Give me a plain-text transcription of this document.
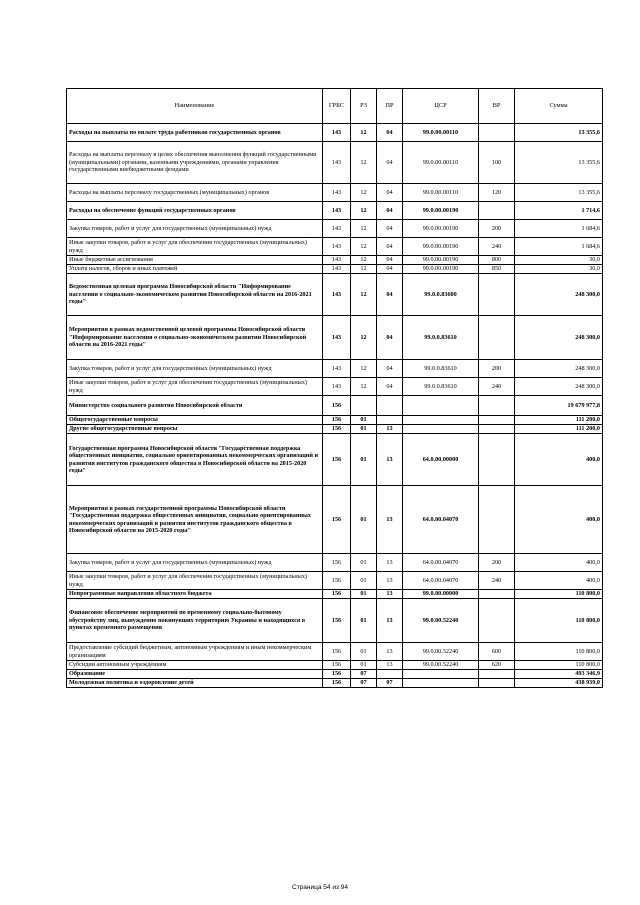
Наименование	ГРБС	РЗ	ПР	ЦСР	ВР	Сумма
Расходы на выплаты по оплате труда работников государственных органов	143	12	04	99.0.00.00110		13 355,6
Расходы на выплаты персоналу в целях обеспечения выполнения функций государственными (муниципальными) органами, казенными учреждениями, органами управления государственными внебюджетными фондами	143	12	04	99.0.00.00110	100	13 355,6
Расходы на выплаты персоналу государственных (муниципальных) органов	143	12	04	99.0.00.00110	120	13 355,6
Расходы на обеспечение функций государственных органов	143	12	04	99.0.00.00190		1 714,6
Закупка товаров, работ и услуг для государственных (муниципальных) нужд	143	12	04	99.0.00.00190	200	1 684,6
Иные закупки товаров, работ и услуг для обеспечения государственных (муниципальных) нужд	143	12	04	99.0.00.00190	240	1 684,6
Иные бюджетные ассигнования	143	12	04	99.0.00.00190	800	30,0
Уплата налогов, сборов и иных платежей	143	12	04	99.0.00.00190	850	30,0
Ведомственная целевая программа Новосибирской области "Информирование населения о социально-экономическом развитии Новосибирской области на 2016-2021 годы"	143	12	04	99.0.0.83600		248 300,0
Мероприятия в рамках ведомственной целевой программы Новосибирской области "Информирование населения о социально-экономическом развитии Новосибирской области на 2016-2021 годы"	143	12	04	99.0.0.83610		248 300,0
Закупка товаров, работ и услуг для государственных (муниципальных) нужд	143	12	04	99.0.0.83610	200	248 300,0
Иные закупки товаров, работ и услуг для обеспечения государственных (муниципальных) нужд	143	12	04	99.0.0.83610	240	248 300,0
Министерство социального развития Новосибирской области	156					19 679 977,8
Общегосударственные вопросы	156	01				111 200,0
Другие общегосударственные вопросы	156	01	13			111 200,0
Государственная программа Новосибирской области "Государственная поддержка общественных инициатив, социально ориентированных некоммерческих организаций и развития институтов гражданского общества в Новосибирской области на 2015-2020 годы"	156	01	13	64.0.00.00000		400,0
Мероприятия в рамках государственной программы Новосибирской области "Государственная поддержка общественных инициатив, социально ориентированных некоммерческих организаций и развития институтов гражданского общества в Новосибирской области на 2015-2020 годы"	156	01	13	64.0.00.04070		400,0
Закупка товаров, работ и услуг для государственных (муниципальных) нужд	156	01	13	64.0.00.04070	200	400,0
Иные закупки товаров, работ и услуг для обеспечения государственных (муниципальных) нужд	156	01	13	64.0.00.04070	240	400,0
Непрограммные направления областного бюджета	156	01	13	99.0.00.00000		110 800,0
Финансовое обеспечение мероприятий по временному социально-бытовому обустройству лиц, вынужденно покинувших территорию Украины и находящихся в пунктах временного размещения	156	01	13	99.0.00.52240		110 800,0
Предоставление субсидий бюджетным, автономным учреждениям и иным некоммерческим организациям	156	01	13	99.0.00.52240	600	110 800,0
Субсидии автономным учреждениям	156	01	13	99.0.00.52240	620	110 800,0
Образование	156	07				493 346,9
Молодежная политика и оздоровление детей	156	07	07			438 939,0
Страница 54 из 94
